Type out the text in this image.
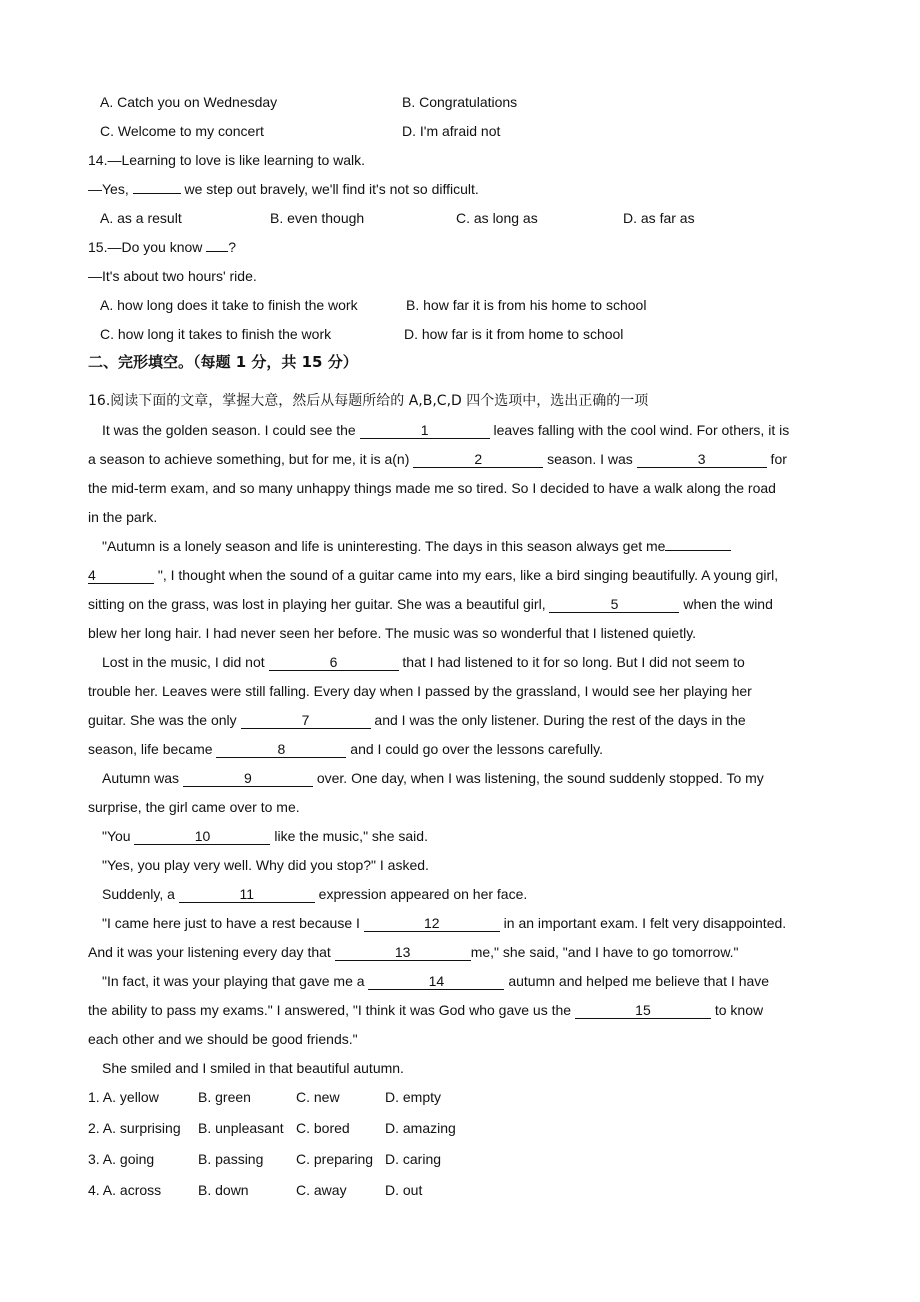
A. Catch you on Wednesday	B. Congratulations
C. Welcome to my concert	D. I'm afraid not
14.—Learning to love is like learning to walk.
—Yes,	we step out bravely, we'll find it's not so difficult.
A. as a result	B. even though	C. as long as	D. as far as
15.—Do you know ?
—It's about two hours' ride.
A. how long does it take to finish the work	B. how far it is from his home to school
C. how long it takes to finish the work	D. how far is it from home to school
二、完形填空。（每题 1 分，共 15 分）
16.阅读下面的文章，掌握大意，然后从每题所给的 A,B,C,D 四个选项中，选出正确的一项
It was the golden season. I could see the	1	leaves falling with the cool wind. For others, it is
a season to achieve something, but for me, it is a(n)	2	season. I was	3	for
the mid-term exam, and so many unhappy things made me so tired. So I decided to have a walk along the road
in the park.
"Autumn is a lonely season and life is uninteresting. The days in this season always get me
4	", I thought when the sound of a guitar came into my ears, like a bird singing beautifully. A young girl,
sitting on the grass, was lost in playing her guitar. She was a beautiful girl,	5	when the wind
blew her long hair. I had never seen her before. The music was so wonderful that I listened quietly.
Lost in the music, I did not	6	that I had listened to it for so long. But I did not seem to
trouble her. Leaves were still falling. Every day when I passed by the grassland, I would see her playing her
guitar. She was the only	7	and I was the only listener. During the rest of the days in the
season, life became	8	and I could go over the lessons carefully.
Autumn was	9	over. One day, when I was listening, the sound suddenly stopped. To my
surprise, the girl came over to me.
"You	10	like the music," she said.
"Yes, you play very well. Why did you stop?" I asked.
Suddenly, a	11	expression appeared on her face.
"I came here just to have a rest because I	12	in an important exam. I felt very disappointed.
And it was your listening every day that	13	me," she said, "and I have to go tomorrow."
"In fact, it was your playing that gave me a	14	autumn and helped me believe that I have
the ability to pass my exams." I answered, "I think it was God who gave us the	15	to know
each other and we should be good friends."
She smiled and I smiled in that beautiful autumn.
1. A. yellow	B. green	C. new	D. empty
2. A. surprising B. unpleasant C. bored	D. amazing
3. A. going	B. passing C. preparing D. caring
4. A. across	B. down	C. away	D. out
